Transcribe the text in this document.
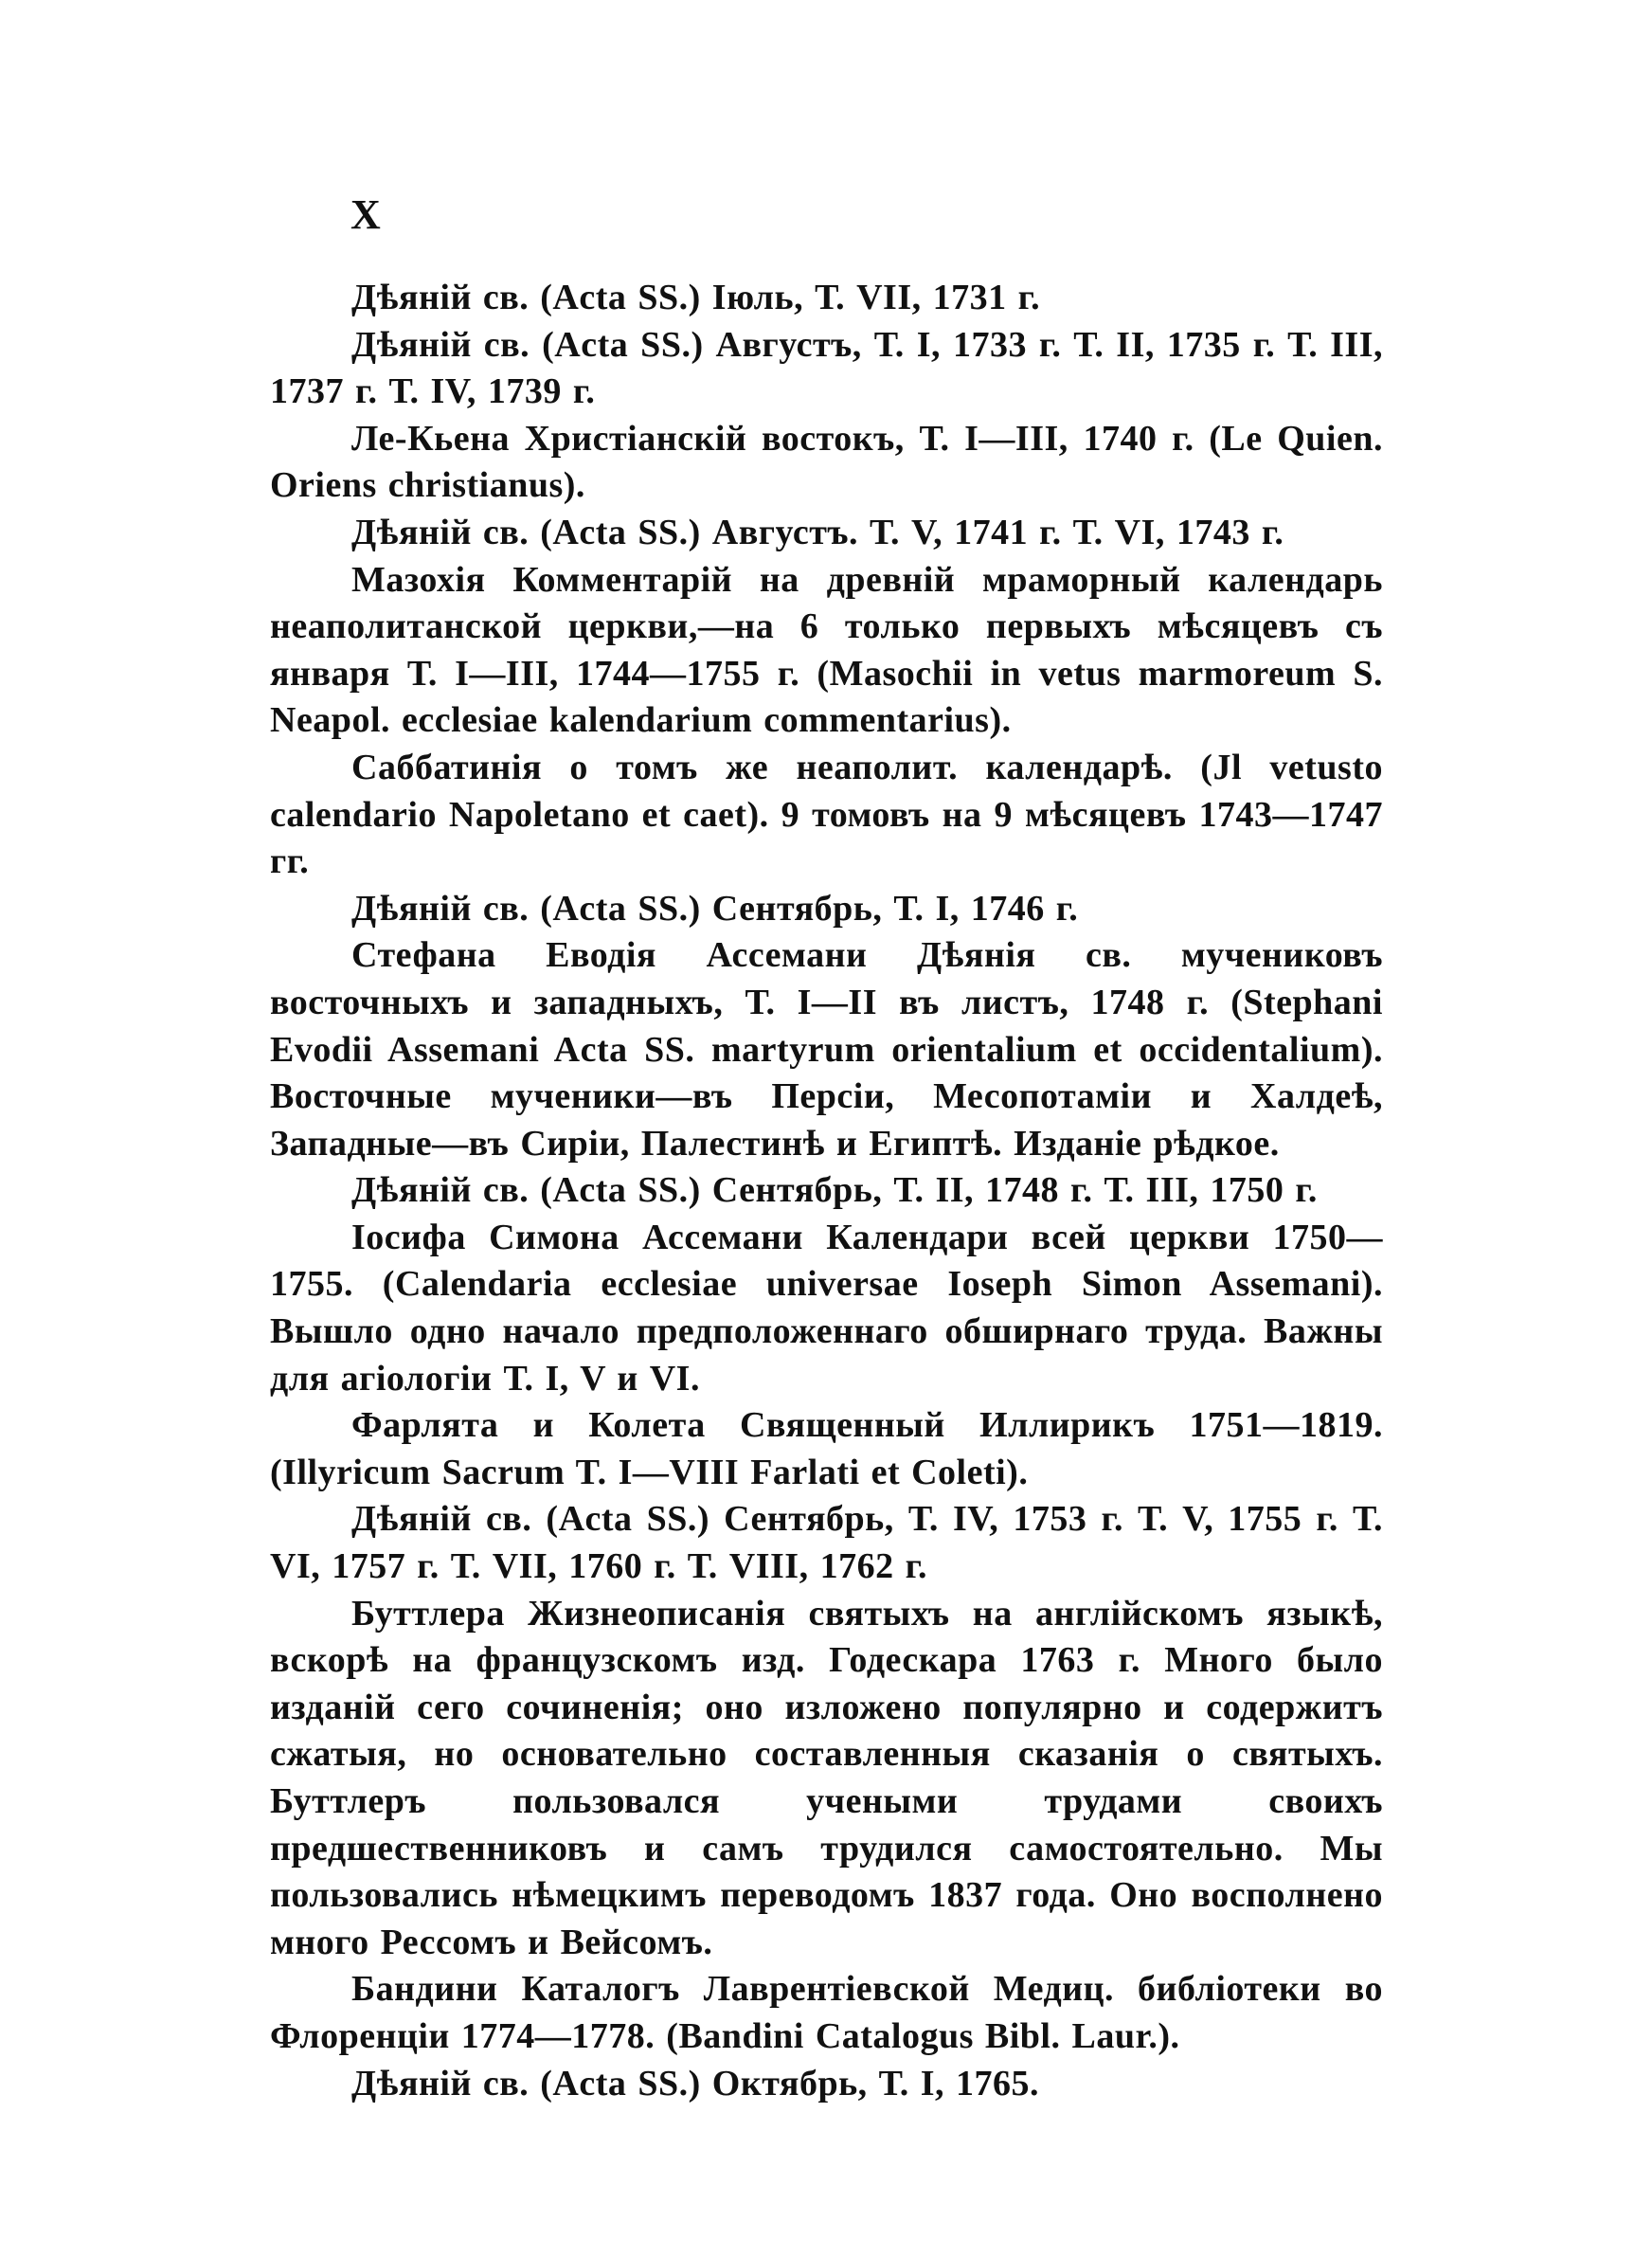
X

Дѣяній св. (Acta SS.) Іюль, Т. VII, 1731 г.

Дѣяній св. (Acta SS.) Августъ, Т. I, 1733 г. Т. II, 1735 г. Т. III, 1737 г. Т. IV, 1739 г.

Ле-Кьена Христіанскій востокъ, Т. I—III, 1740 г. (Le Quien. Oriens christianus).

Дѣяній св. (Acta SS.) Августъ. Т. V, 1741 г. Т. VI, 1743 г.

Мазохія Комментарій на древній мраморный календарь неаполитанской церкви,—на 6 только первыхъ мѣсяцевъ съ января Т. I—III, 1744—1755 г. (Masochii in vetus marmoreum S. Neapol. ecclesiae kalendarium commentarius).

Саббатинія о томъ же неаполит. календарѣ. (Jl vetusto calendario Napoletano et caet). 9 томовъ на 9 мѣсяцевъ 1743—1747 гг.

Дѣяній св. (Acta SS.) Сентябрь, Т. I, 1746 г.

Стефана Еводія Ассемани Дѣянія св. мучениковъ восточныхъ и западныхъ, Т. I—II въ листъ, 1748 г. (Stephani Evodii Assemani Acta SS. martyrum orientalium et occidentalium). Восточные мученики—въ Персіи, Месопотаміи и Халдеѣ, Западные—въ Сиріи, Палестинѣ и Египтѣ. Изданіе рѣдкое.

Дѣяній св. (Acta SS.) Сентябрь, Т. II, 1748 г. Т. III, 1750 г.

Іосифа Симона Ассемани Календари всей церкви 1750—1755. (Calendaria ecclesiae universae Ioseph Simon Assemani). Вышло одно начало предположеннаго обширнаго труда. Важны для агіологіи Т. I, V и VI.

Фарлята и Колета Священный Иллирикъ 1751—1819. (Illyricum Sacrum T. I—VIII Farlati et Coleti).

Дѣяній св. (Acta SS.) Сентябрь, Т. IV, 1753 г. Т. V, 1755 г. Т. VI, 1757 г. Т. VII, 1760 г. Т. VIII, 1762 г.

Буттлера Жизнеописанія святыхъ на англійскомъ языкѣ, вскорѣ на французскомъ изд. Годескара 1763 г. Много было изданій сего сочиненія; оно изложено популярно и содержитъ сжатыя, но основательно составленныя сказанія о святыхъ. Буттлеръ пользовался учеными трудами своихъ предшественниковъ и самъ трудился самостоятельно. Мы пользовались нѣмецкимъ переводомъ 1837 года. Оно восполнено много Рессомъ и Вейсомъ.

Бандини Каталогъ Лаврентіевской Медиц. библіотеки во Флоренціи 1774—1778. (Bandini Catalogus Bibl. Laur.).

Дѣяній св. (Acta SS.) Октябрь, Т. I, 1765.
